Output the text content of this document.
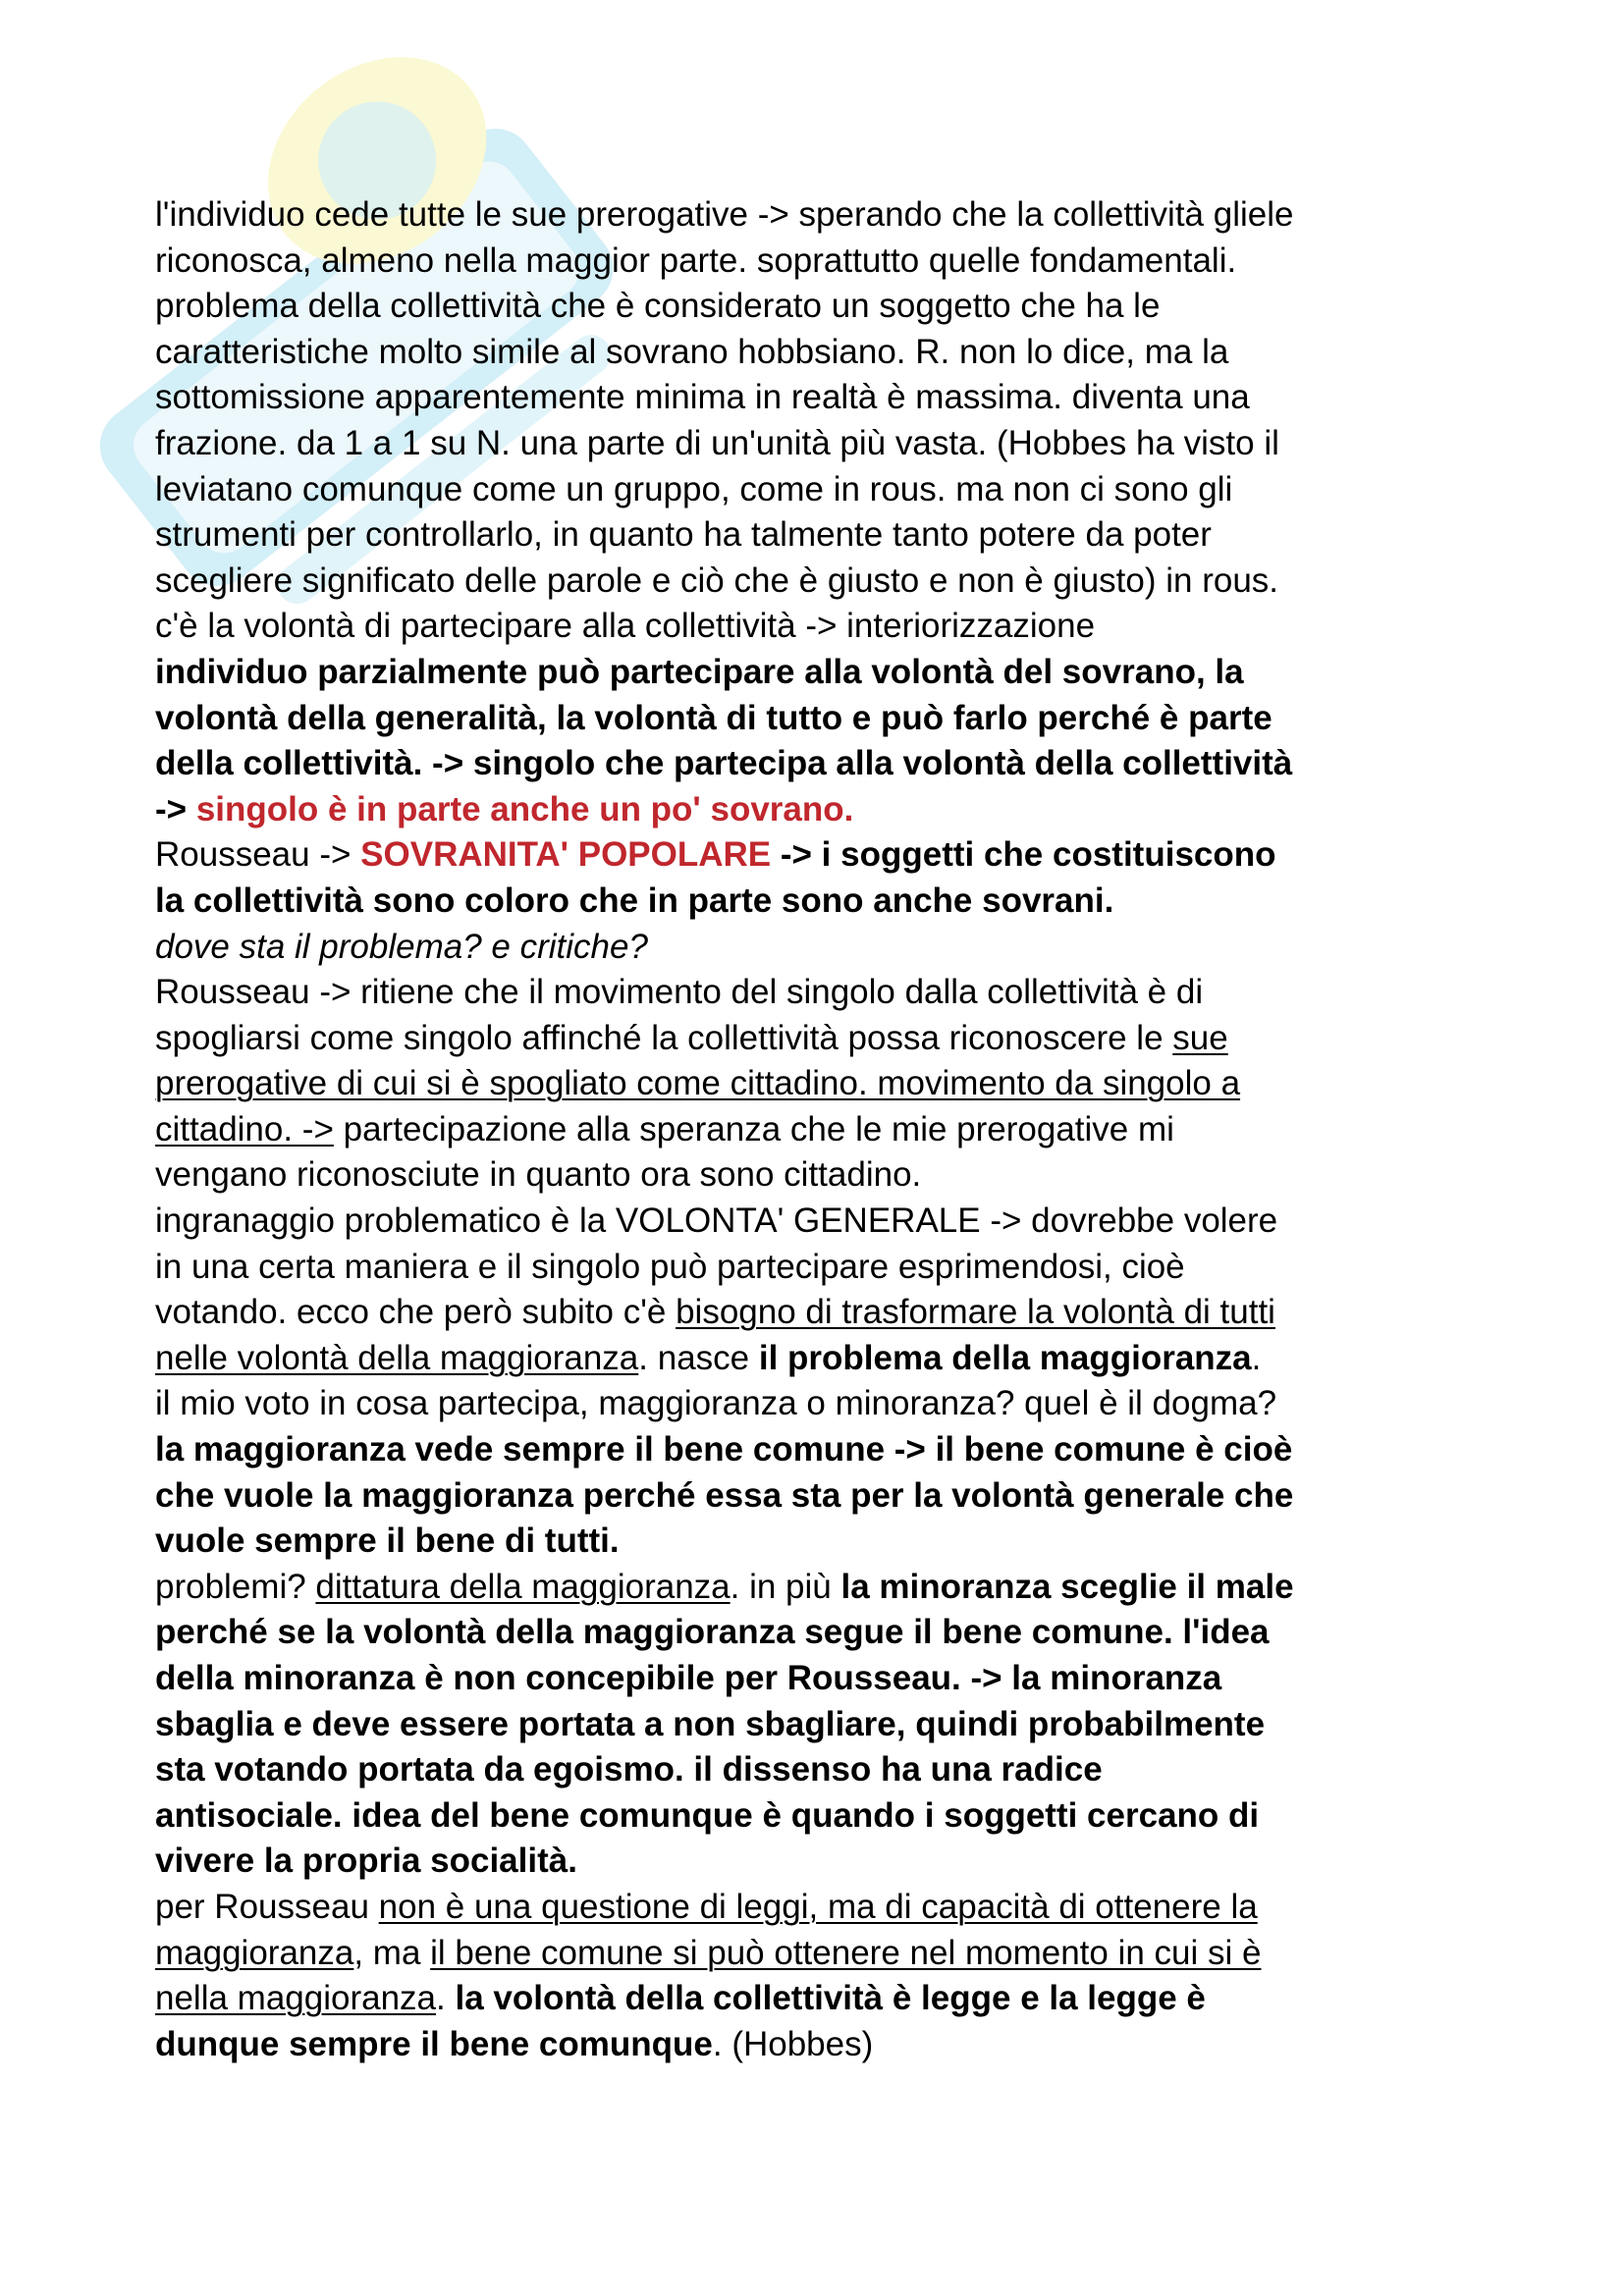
l'individuo cede tutte le sue prerogative -> sperando che la collettività gliele
riconosca, almeno nella maggior parte. soprattutto quelle fondamentali.
problema della collettività che è considerato un soggetto che ha le
caratteristiche molto simile al sovrano hobbsiano. R. non lo dice, ma la
sottomissione apparentemente minima in realtà è massima. diventa una
frazione. da 1 a 1 su N. una parte di un'unità più vasta. (Hobbes ha visto il
leviatano comunque come un gruppo, come in rous. ma non ci sono gli
strumenti per controllarlo, in quanto ha talmente tanto potere da poter
scegliere significato delle parole e ciò che è giusto e non è giusto) in rous.
c'è la volontà di partecipare alla collettività -> interiorizzazione
individuo parzialmente può partecipare alla volontà del sovrano, la
volontà della generalità, la volontà di tutto e può farlo perché è parte
della collettività. -> singolo che partecipa alla volontà della collettività
-> singolo è in parte anche un po' sovrano.
Rousseau -> SOVRANITA' POPOLARE -> i soggetti che costituiscono
la collettività sono coloro che in parte sono anche sovrani.
dove sta il problema? e critiche?
Rousseau -> ritiene che il movimento del singolo dalla collettività è di
spogliarsi come singolo affinché la collettività possa riconoscere le sue
prerogative di cui si è spogliato come cittadino. movimento da singolo a
cittadino. -> partecipazione alla speranza che le mie prerogative mi
vengano riconosciute in quanto ora sono cittadino.
ingranaggio problematico è la VOLONTA' GENERALE -> dovrebbe volere
in una certa maniera e il singolo può partecipare esprimendosi, cioè
votando. ecco che però subito c'è bisogno di trasformare la volontà di tutti
nelle volontà della maggioranza. nasce il problema della maggioranza.
il mio voto in cosa partecipa, maggioranza o minoranza? quel è il dogma?
la maggioranza vede sempre il bene comune -> il bene comune è cioè
che vuole la maggioranza perché essa sta per la volontà generale che
vuole sempre il bene di tutti.
problemi? dittatura della maggioranza. in più la minoranza sceglie il male
perché se la volontà della maggioranza segue il bene comune. l'idea
della minoranza è non concepibile per Rousseau. -> la minoranza
sbaglia e deve essere portata a non sbagliare, quindi probabilmente
sta votando portata da egoismo. il dissenso ha una radice
antisociale. idea del bene comunque è quando i soggetti cercano di
vivere la propria socialità.
per Rousseau non è una questione di leggi, ma di capacità di ottenere la
maggioranza, ma il bene comune si può ottenere nel momento in cui si è
nella maggioranza. la volontà della collettività è legge e la legge è
dunque sempre il bene comunque. (Hobbes)
